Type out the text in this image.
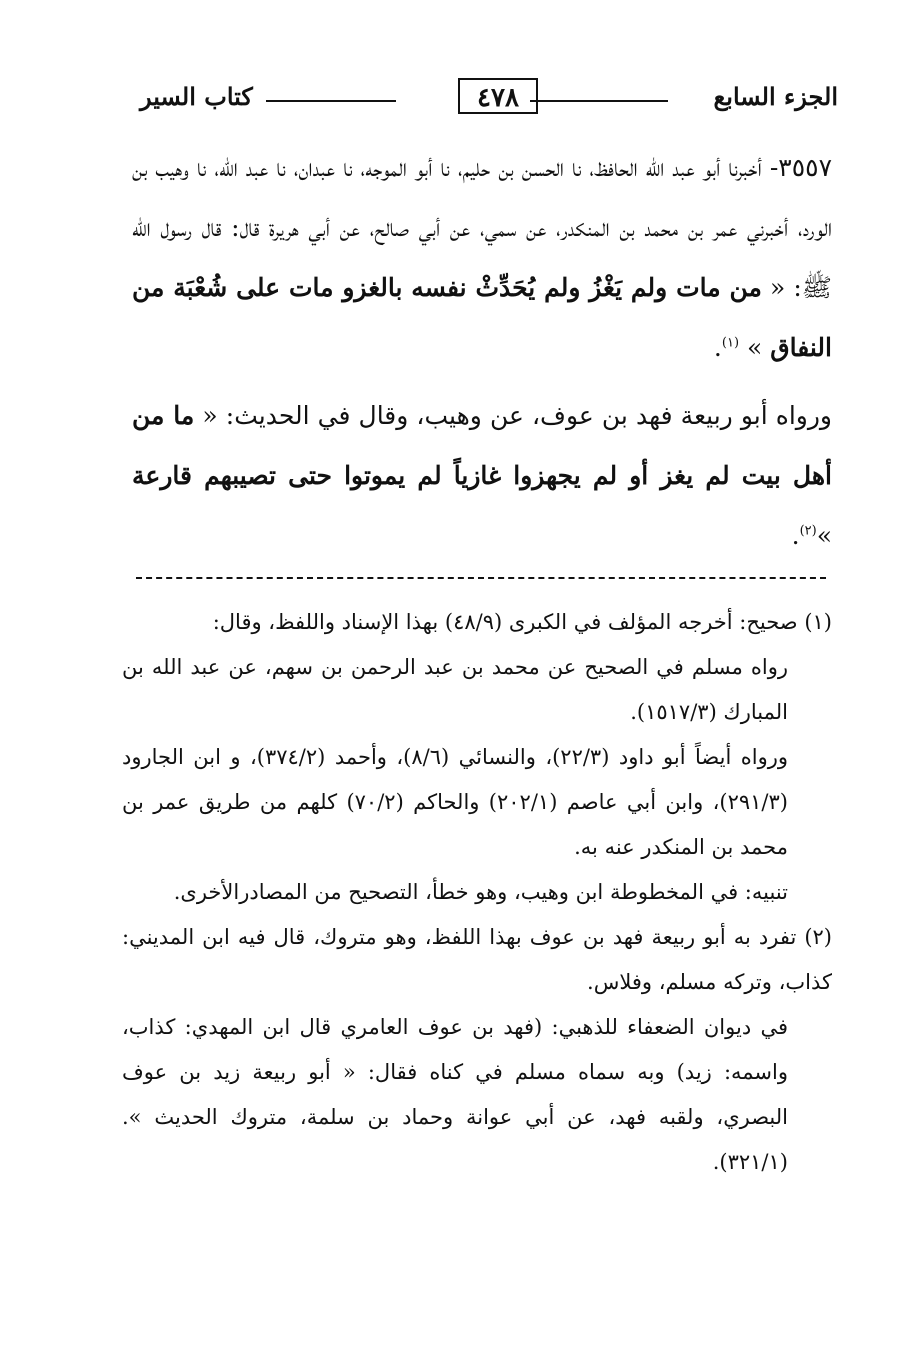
الجزء السابع
٤٧٨
كتاب السير

٣٥٥٧- أخبرنا أبو عبد الله الحافظ، نا الحسن بن حليم، نا أبو الموجه، نا عبدان، نا عبد الله، نا وهيب بن الورد، أخبرني عمر بن محمد بن المنكدر، عن سمي، عن أبي صالح، عن أبي هريرة قال: قال رسول الله ﷺ: « من مات ولم يَغْزُ ولم يُحَدِّثْ نفسه بالغزو مات على شُعْبَة من النفاق » $^{(١)}$.

ورواه أبو ربيعة فهد بن عوف، عن وهيب، وقال في الحديث: « ما من أهل بيت لم يغز أو لم يجهزوا غازياً لم يموتوا حتى تصيبهم قارعة »$^{(٢)}$.

(١) صحيح: أخرجه المؤلف في الكبرى (٤٨/٩) بهذا الإسناد واللفظ، وقال:

رواه مسلم في الصحيح عن محمد بن عبد الرحمن بن سهم، عن عبد الله بن المبارك (١٥١٧/٣).

ورواه أيضاً أبو داود (٢٢/٣)، والنسائي (٨/٦)، وأحمد (٣٧٤/٢)، و ابن الجارود (٢٩١/٣)، وابن أبي عاصم (٢٠٢/١) والحاكم (٧٠/٢) كلهم من طريق عمر بن محمد بن المنكدر عنه به.

تنبيه: في المخطوطة ابن وهيب، وهو خطأ، التصحيح من المصادرالأخرى.

(٢) تفرد به أبو ربيعة فهد بن عوف بهذا اللفظ، وهو متروك، قال فيه ابن المديني: كذاب، وتركه مسلم، وفلاس.

في ديوان الضعفاء للذهبي: (فهد بن عوف العامري قال ابن المهدي: كذاب، واسمه: زيد) وبه سماه مسلم في كناه فقال: « أبو ربيعة زيد بن عوف البصري، ولقبه فهد، عن أبي عوانة وحماد بن سلمة، متروك الحديث ». (٣٢١/١).
